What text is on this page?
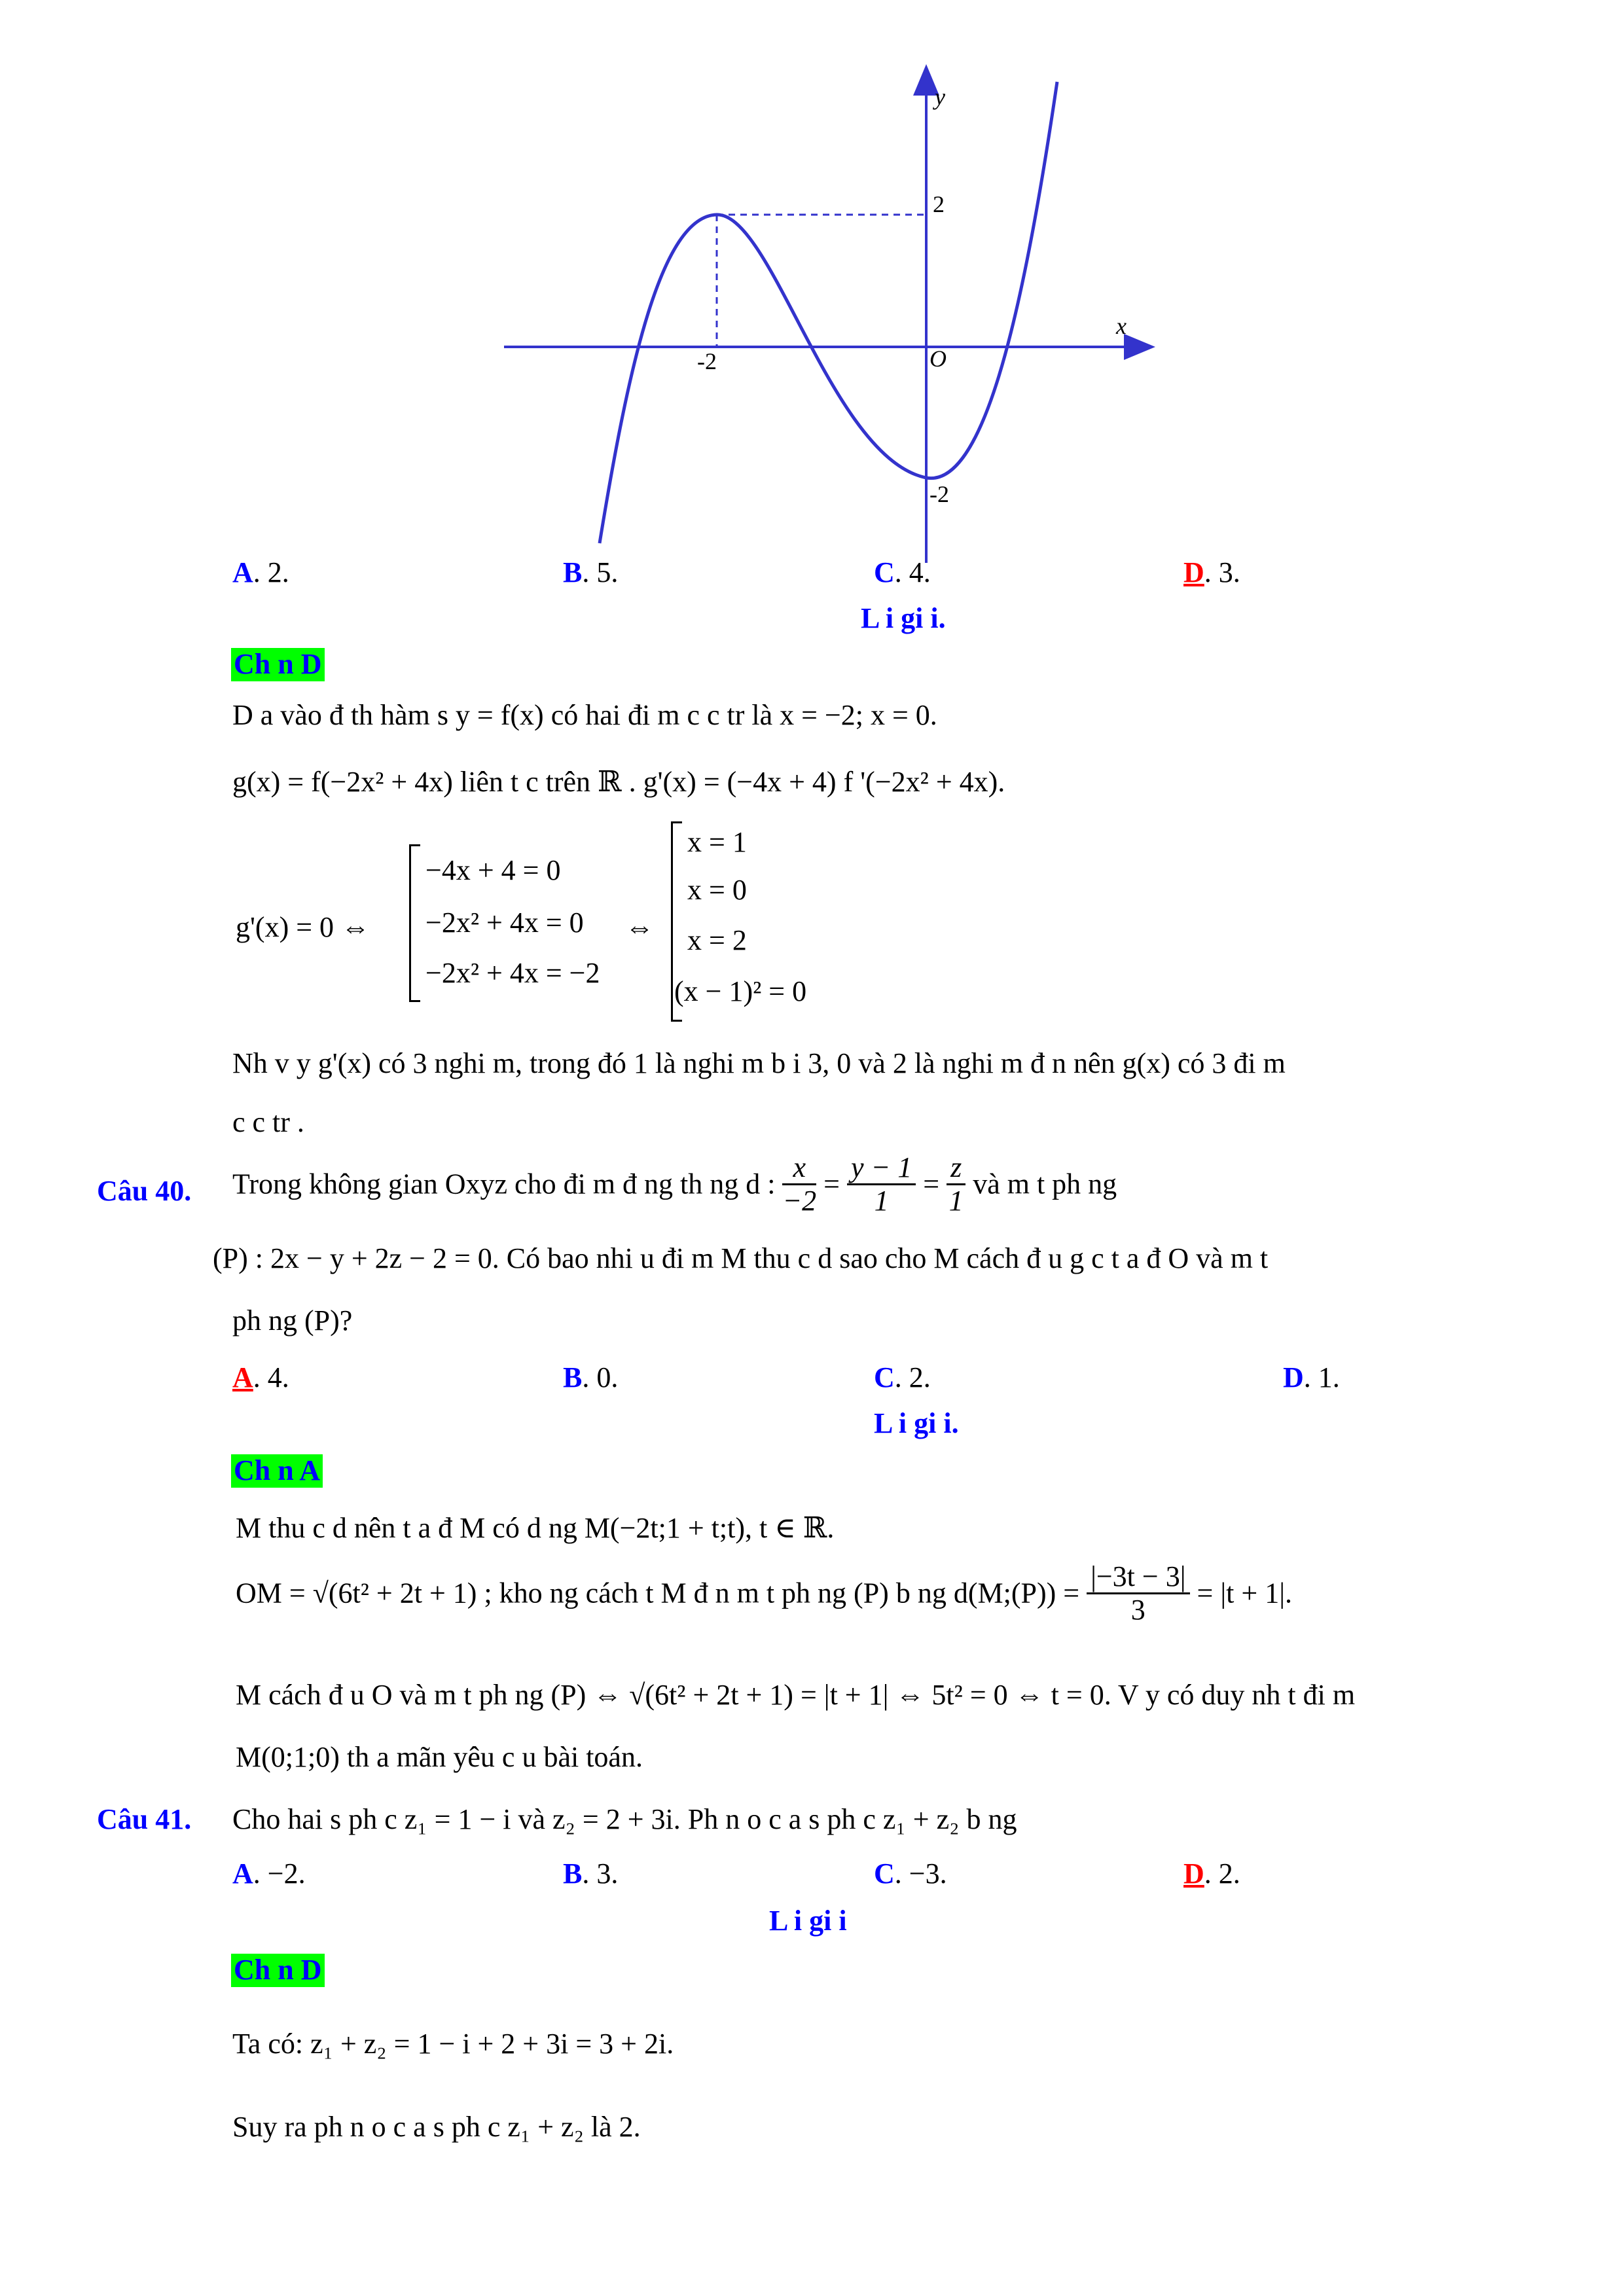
y
x
O
2
-2
-2
A. 2.	B. 5.	C. 4.	D. 3.
L i gi i.
Ch n D
D a vào đ th hàm s y = f(x) có hai đi m c c tr là x = −2; x = 0.
g(x) = f(−2x² + 4x) liên t c trên ℝ . g'(x) = (−4x + 4) f '(−2x² + 4x).
g'(x) = 0 ⇔
−4x + 4 = 0
−2x² + 4x = 0
−2x² + 4x = −2
⇔
x = 1
x = 0
x = 2
(x − 1)² = 0
Nh v y g'(x) có 3 nghi m, trong đó 1 là nghi m b i 3, 0 và 2 là nghi m đ n nên g(x) có 3 đi m
c c tr .
Câu 40. Trong không gian Oxyz cho đi m đ ng th ng d : $\frac{x}{-2} = \frac{y - 1}{1} = \frac{z}{1}$ và m t ph ng
(P) : 2x − y + 2z − 2 = 0. Có bao nhi u đi m M thu c d sao cho M cách đ u g c t a đ O và m t
ph ng (P)?
A. 4.	B. 0.	C. 2.	D. 1.
L i gi i.
Ch n A
M thu c d nên t a đ M có d ng M(−2t;1 + t;t), t ∈ ℝ.
OM = √(6t² + 2t + 1) ; kho ng cách t M đ n m t ph ng (P) b ng d(M;(P)) = $\frac{|-3t - 3|}{3} = |t + 1|$.
M cách đ u O và m t ph ng (P) ⇔ √(6t² + 2t + 1) = |t + 1| ⇔ 5t² = 0 ⇔ t = 0. V y có duy nh t đi m
M(0;1;0) th a mãn yêu c u bài toán.
Câu 41. Cho hai s ph c z₁ = 1 − i và z₂ = 2 + 3i. Ph n o c a s ph c z₁ + z₂ b ng
A. −2.	B. 3.	C. −3.	D. 2.
L i gi i
Ch n D
Ta có: z₁ + z₂ = 1 − i + 2 + 3i = 3 + 2i.
Suy ra ph n o c a s ph c z₁ + z₂ là 2.
